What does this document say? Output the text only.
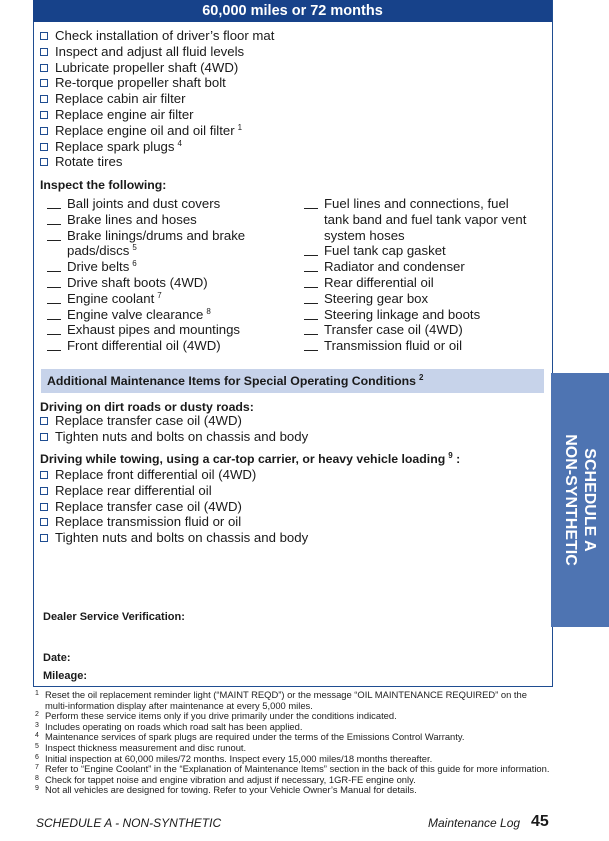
60,000 miles or 72 months
Check installation of driver’s floor mat
Inspect and adjust all fluid levels
Lubricate propeller shaft (4WD)
Re-torque propeller shaft bolt
Replace cabin air filter
Replace engine air filter
Replace engine oil and oil filter $^1$
Replace spark plugs $^4$
Rotate tires
Inspect the following:
Ball joints and dust covers
Brake lines and hoses
Brake linings/drums and brake pads/discs $^5$
Drive belts $^6$
Drive shaft boots (4WD)
Engine coolant $^7$
Engine valve clearance $^8$
Exhaust pipes and mountings
Front differential oil (4WD)
Fuel lines and connections, fuel tank band and fuel tank vapor vent system hoses
Fuel tank cap gasket
Radiator and condenser
Rear differential oil
Steering gear box
Steering linkage and boots
Transfer case oil (4WD)
Transmission fluid or oil
Additional Maintenance Items for Special Operating Conditions $^2$
Driving on dirt roads or dusty roads:
Replace transfer case oil (4WD)
Tighten nuts and bolts on chassis and body
Driving while towing, using a car-top carrier, or heavy vehicle loading $^9$ :
Replace front differential oil (4WD)
Replace rear differential oil
Replace transfer case oil (4WD)
Replace transmission fluid or oil
Tighten nuts and bolts on chassis and body
Dealer Service Verification:
Date:
Mileage:
SCHEDULE A
NON-SYNTHETIC
1 Reset the oil replacement reminder light (“MAINT REQD”) or the message “OIL MAINTENANCE REQUIRED” on the multi-information display after maintenance at every 5,000 miles.
2 Perform these service items only if you drive primarily under the conditions indicated.
3 Includes operating on roads which road salt has been applied.
4 Maintenance services of spark plugs are required under the terms of the Emissions Control Warranty.
5 Inspect thickness measurement and disc runout.
6 Initial inspection at 60,000 miles/72 months. Inspect every 15,000 miles/18 months thereafter.
7 Refer to “Engine Coolant” in the “Explanation of Maintenance Items” section in the back of this guide for more information.
8 Check for tappet noise and engine vibration and adjust if necessary, 1GR-FE engine only.
9 Not all vehicles are designed for towing. Refer to your Vehicle Owner’s Manual for details.
SCHEDULE A - NON-SYNTHETIC	Maintenance Log 45
